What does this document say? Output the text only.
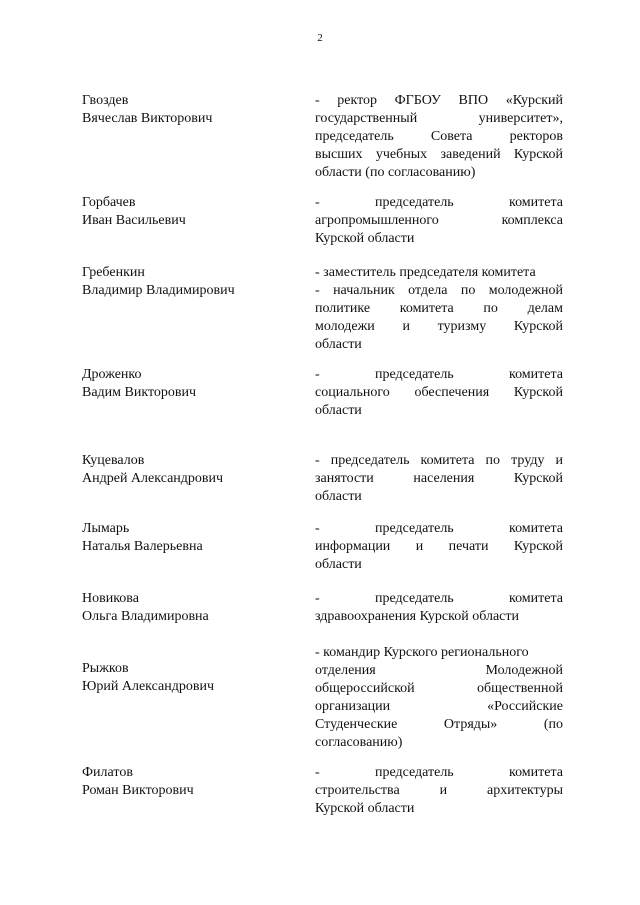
2
Гвоздев
Вячеслав Викторович
- ректор ФГБОУ ВПО «Курский
государственный университет»,
председатель Совета ректоров
высших учебных заведений Курской
области (по согласованию)
Горбачев
Иван Васильевич
- председатель комитета
агропромышленного комплекса
Курской области
Гребенкин
Владимир Владимирович
- заместитель председателя комитета
- начальник отдела по молодежной
политике комитета по делам
молодежи и туризму Курской
области
Дроженко
Вадим Викторович
- председатель комитета
социального обеспечения Курской
области
Куцевалов
Андрей Александрович
- председатель комитета по труду и
занятости населения Курской
области
Лымарь
Наталья Валерьевна
- председатель комитета
информации и печати Курской
области
Новикова
Ольга Владимировна
- председатель комитета
здравоохранения Курской области
Рыжков
Юрий Александрович
- командир Курского регионального
отделения Молодежной
общероссийской общественной
организации «Российские
Студенческие Отряды» (по
согласованию)
Филатов
Роман Викторович
- председатель комитета
строительства и архитектуры
Курской области
